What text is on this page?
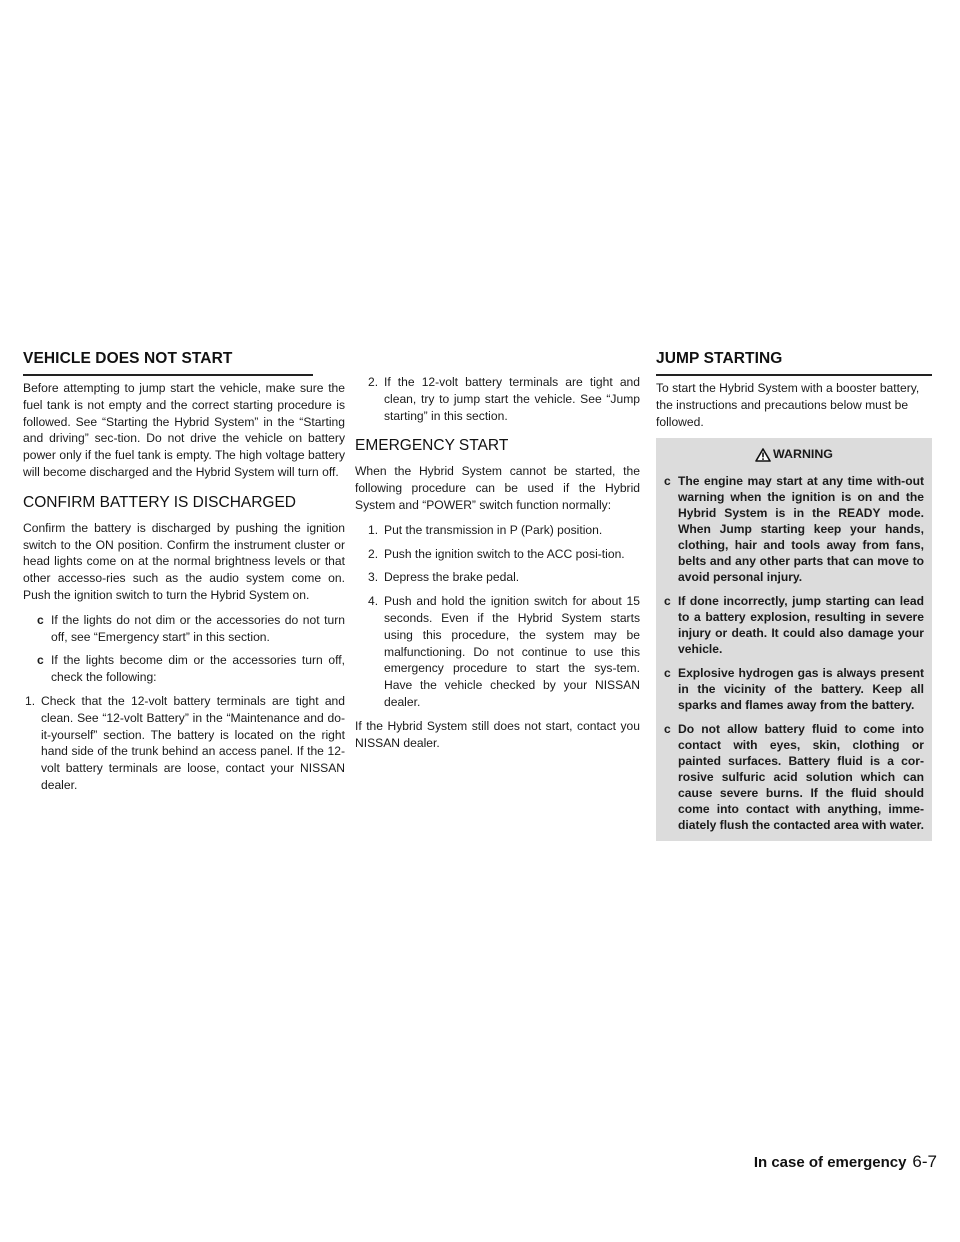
VEHICLE DOES NOT START	JUMP STARTING

Before attempting to jump start the vehicle, make sure the fuel tank is not empty and the correct starting procedure is followed. See “Starting the Hybrid System” in the “Starting and driving” sec-tion. Do not drive the vehicle on battery power only if the fuel tank is empty. The high voltage battery will become discharged and the Hybrid System will turn off.

CONFIRM BATTERY IS DISCHARGED

Confirm the battery is discharged by pushing the ignition switch to the ON position. Confirm the instrument cluster or head lights come on at the normal brightness levels or that other accesso-ries such as the audio system come on. Push the ignition switch to turn the Hybrid System on.

c If the lights do not dim or the accessories do not turn off, see “Emergency start” in this section.
c If the lights become dim or the accessories turn off, check the following:
1. Check that the 12-volt battery terminals are tight and clean. See “12-volt Battery” in the “Maintenance and do-it-yourself” section. The battery is located on the right hand side of the trunk behind an access panel. If the 12-volt battery terminals are loose, contact your NISSAN dealer.
2. If the 12-volt battery terminals are tight and clean, try to jump start the vehicle. See “Jump starting” in this section.
EMERGENCY START

When the Hybrid System cannot be started, the following procedure can be used if the Hybrid System and “POWER” switch function normally:

1. Put the transmission in P (Park) position.
2. Push the ignition switch to the ACC posi-tion.
3. Depress the brake pedal.
4. Push and hold the ignition switch for about 15 seconds. Even if the Hybrid System starts using this procedure, the system may be malfunctioning. Do not continue to use this emergency procedure to start the sys-tem. Have the vehicle checked by your NISSAN dealer.

If the Hybrid System still does not start, contact you NISSAN dealer.

To start the Hybrid System with a booster battery, the instructions and precautions below must be followed.

WARNING
c The engine may start at any time with-out warning when the ignition is on and the Hybrid System is in the READY mode. When Jump starting keep your hands, clothing, hair and tools away from fans, belts and any other parts that can move to avoid personal injury.
c If done incorrectly, jump starting can lead to a battery explosion, resulting in severe injury or death. It could also damage your vehicle.
c Explosive hydrogen gas is always present in the vicinity of the battery. Keep all sparks and flames away from the battery.
c Do not allow battery fluid to come into contact with eyes, skin, clothing or painted surfaces. Battery fluid is a cor-rosive sulfuric acid solution which can cause severe burns. If the fluid should come into contact with anything, imme-diately flush the contacted area with water.
In case of emergency 6-7
